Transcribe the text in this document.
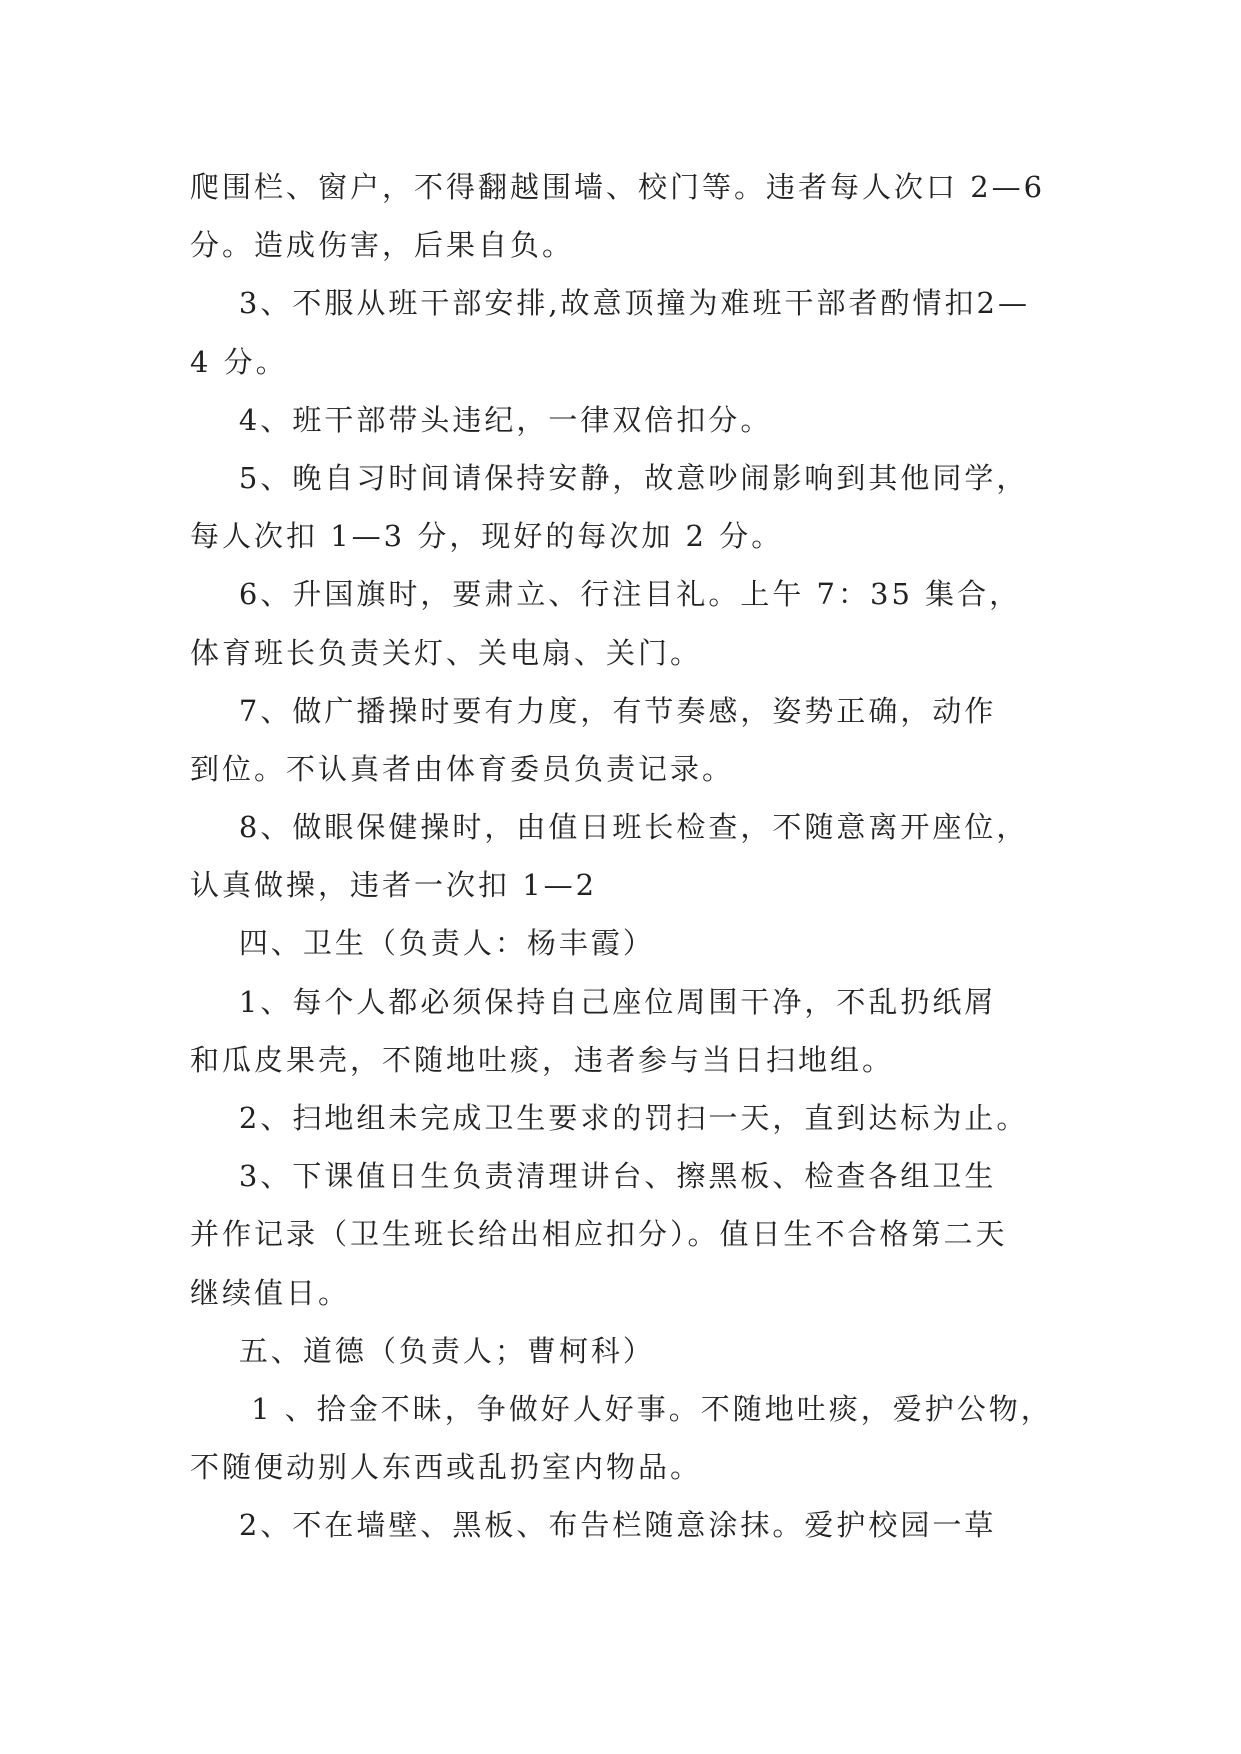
爬围栏、窗户，不得翻越围墙、校门等。违者每人次口 2—6
分。造成伤害，后果自负。
3、不服从班干部安排,故意顶撞为难班干部者酌情扣2—
4 分。
4、班干部带头违纪，一律双倍扣分。
5、晚自习时间请保持安静，故意吵闹影响到其他同学，
每人次扣 1—3 分，现好的每次加 2 分。
6、升国旗时，要肃立、行注目礼。上午 7：35 集合，
体育班长负责关灯、关电扇、关门。
7、做广播操时要有力度，有节奏感，姿势正确，动作
到位。不认真者由体育委员负责记录。
8、做眼保健操时，由值日班长检查，不随意离开座位，
认真做操，违者一次扣 1—2
四、卫生（负责人：杨丰霞）
1、每个人都必须保持自己座位周围干净，不乱扔纸屑
和瓜皮果壳，不随地吐痰，违者参与当日扫地组。
2、扫地组未完成卫生要求的罚扫一天，直到达标为止。
3、下课值日生负责清理讲台、擦黑板、检查各组卫生
并作记录（卫生班长给出相应扣分）。值日生不合格第二天
继续值日。
五、道德（负责人；曹柯科）
1 、拾金不昧，争做好人好事。不随地吐痰，爱护公物，
不随便动别人东西或乱扔室内物品。
2、不在墙壁、黑板、布告栏随意涂抹。爱护校园一草
